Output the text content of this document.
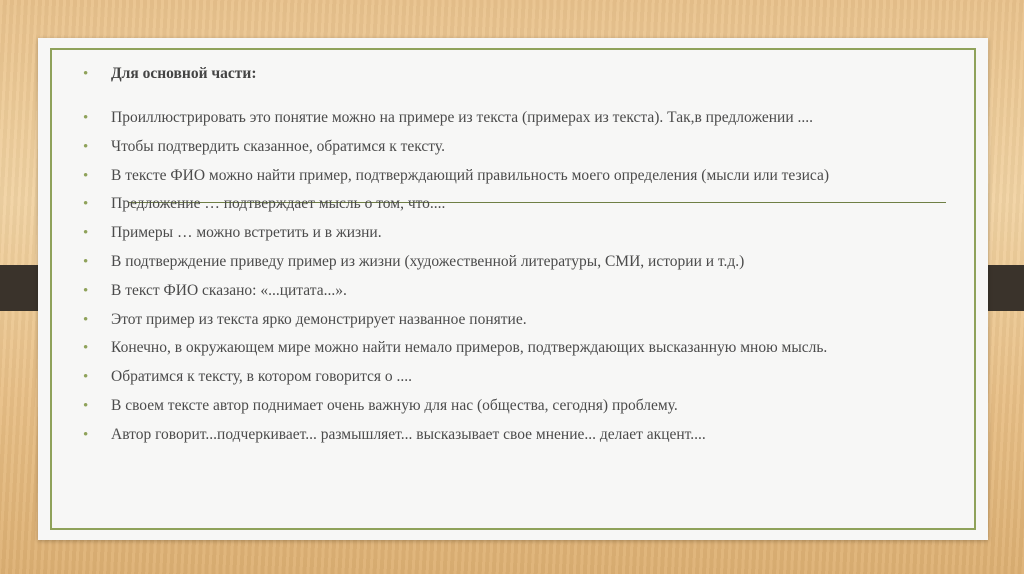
• Для основной части:
• Проиллюстрировать это понятие можно на примере из текста (примерах из текста). Так,в предложении ....
• Чтобы подтвердить сказанное, обратимся к тексту.
• В тексте ФИО можно найти пример, подтверждающий правильность моего определения (мысли или тезиса)
• Предложение … подтверждает мысль о том, что....
• Примеры … можно встретить и в жизни.
• В подтверждение приведу пример из жизни (художественной литературы, СМИ, истории и т.д.)
• В текст ФИО сказано: «...цитата...».
• Этот пример из текста ярко демонстрирует названное понятие.
• Конечно, в окружающем мире можно найти немало примеров, подтверждающих высказанную мною мысль.
• Обратимся к тексту, в котором говорится о ....
• В своем тексте автор поднимает очень важную для нас (общества, сегодня) проблему.
• Автор говорит...подчеркивает... размышляет... высказывает свое мнение... делает акцент....
